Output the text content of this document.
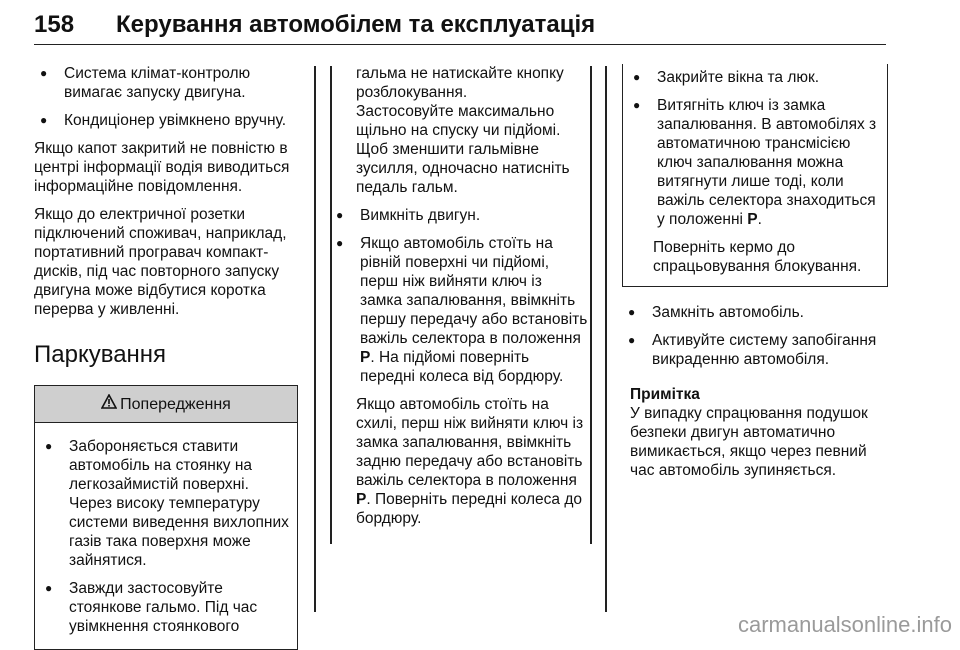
158 Керування автомобілем та експлуатація
● Система клімат-контролю вимагає запуску двигуна.
● Кондиціонер увімкнено вручну.

Якщо капот закритий не повністю в центрі інформації водія виводиться інформаційне повідомлення.

Якщо до електричної розетки підключений споживач, наприклад, портативний програвач компакт-дисків, під час повторного запуску двигуна може відбутися коротка перерва у живленні.

Паркування
Попередження
● Забороняється ставити автомобіль на стоянку на легкозаймистій поверхні. Через високу температуру системи виведення вихлопних газів така поверхня може зайнятися.
● Завжди застосовуйте стоянкове гальмо. Під час увімкнення стоянкового
гальма не натискайте кнопку розблокування.
Застосовуйте максимально щільно на спуску чи підйомі. Щоб зменшити гальмівне зусилля, одночасно натисніть педаль гальм.
● Вимкніть двигун.
● Якщо автомобіль стоїть на рівній поверхні чи підйомі, перш ніж вийняти ключ із замка запалювання, ввімкніть першу передачу або встановіть важіль селектора в положення P. На підйомі поверніть передні колеса від бордюру.
Якщо автомобіль стоїть на схилі, перш ніж вийняти ключ із замка запалювання, ввімкніть задню передачу або встановіть важіль селектора в положення P. Поверніть передні колеса до бордюру.
● Закрийте вікна та люк.
● Витягніть ключ із замка запалювання. В автомобілях з автоматичною трансмісією ключ запалювання можна витягнути лише тоді, коли важіль селектора знаходиться у положенні P.
Поверніть кермо до спрацьовування блокування.
● Замкніть автомобіль.
● Активуйте систему запобігання викраденню автомобіля.
Примітка
У випадку спрацювання подушок безпеки двигун автоматично вимикається, якщо через певний час автомобіль зупиняється.
carmanualsonline.info
